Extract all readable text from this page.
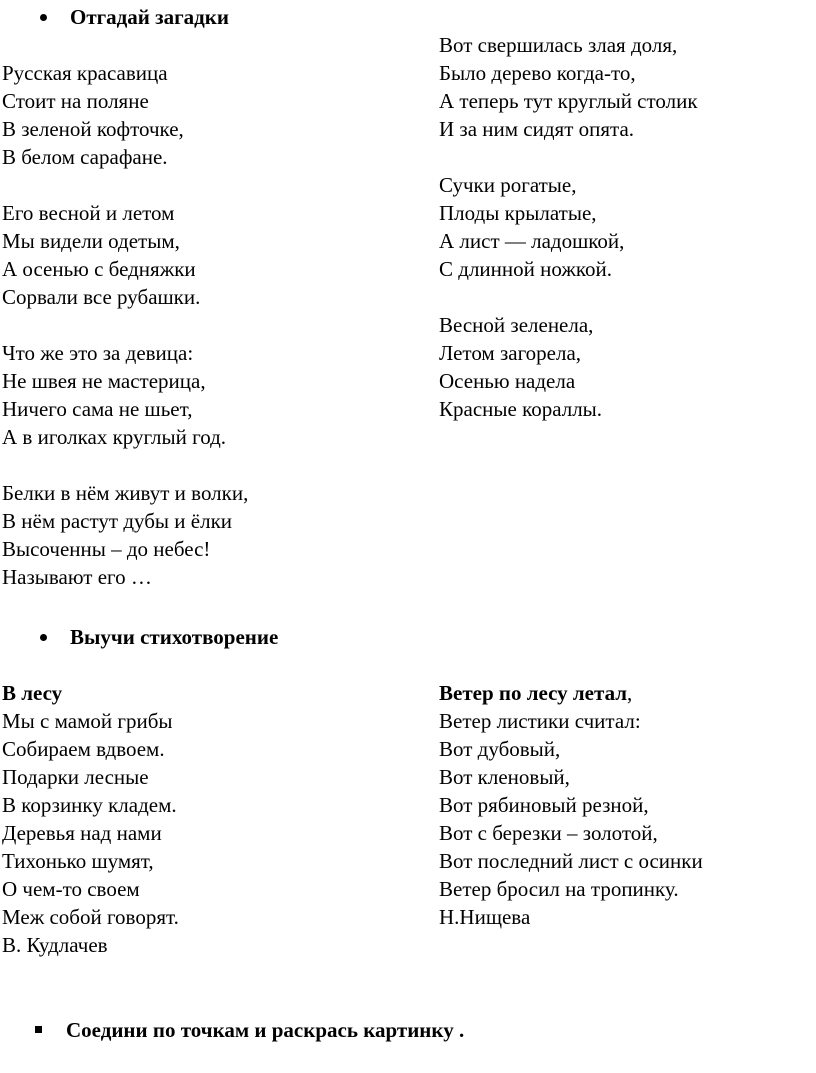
Отгадай загадки
Русская красавица
Стоит на поляне
В зеленой кофточке,
В белом сарафане.
Его весной и летом
Мы видели одетым,
А осенью с бедняжки
Сорвали все рубашки.
Что же это за девица:
Не швея не мастерица,
Ничего сама не шьет,
А в иголках круглый год.
Белки в нём живут и волки,
В нём растут дубы и ёлки
Высоченны – до небес!
Называют его …
Вот свершилась злая доля,
Было дерево когда-то,
А теперь тут круглый столик
И за ним сидят опята.
Сучки рогатые,
Плоды крылатые,
А лист — ладошкой,
С длинной ножкой.
Весной зеленела,
Летом загорела,
Осенью надела
Красные кораллы.
Выучи стихотворение
В лесу
Мы с мамой грибы
Собираем вдвоем.
Подарки лесные
В корзинку кладем.
Деревья над нами
Тихонько шумят,
О чем-то своем
Меж собой говорят.
В. Кудлачев
Ветер по лесу летал,
Ветер листики считал:
Вот дубовый,
Вот кленовый,
Вот рябиновый резной,
Вот с березки – золотой,
Вот последний лист с осинки
Ветер бросил на тропинку.
Н.Нищева
Соедини по точкам и раскрась картинку .
